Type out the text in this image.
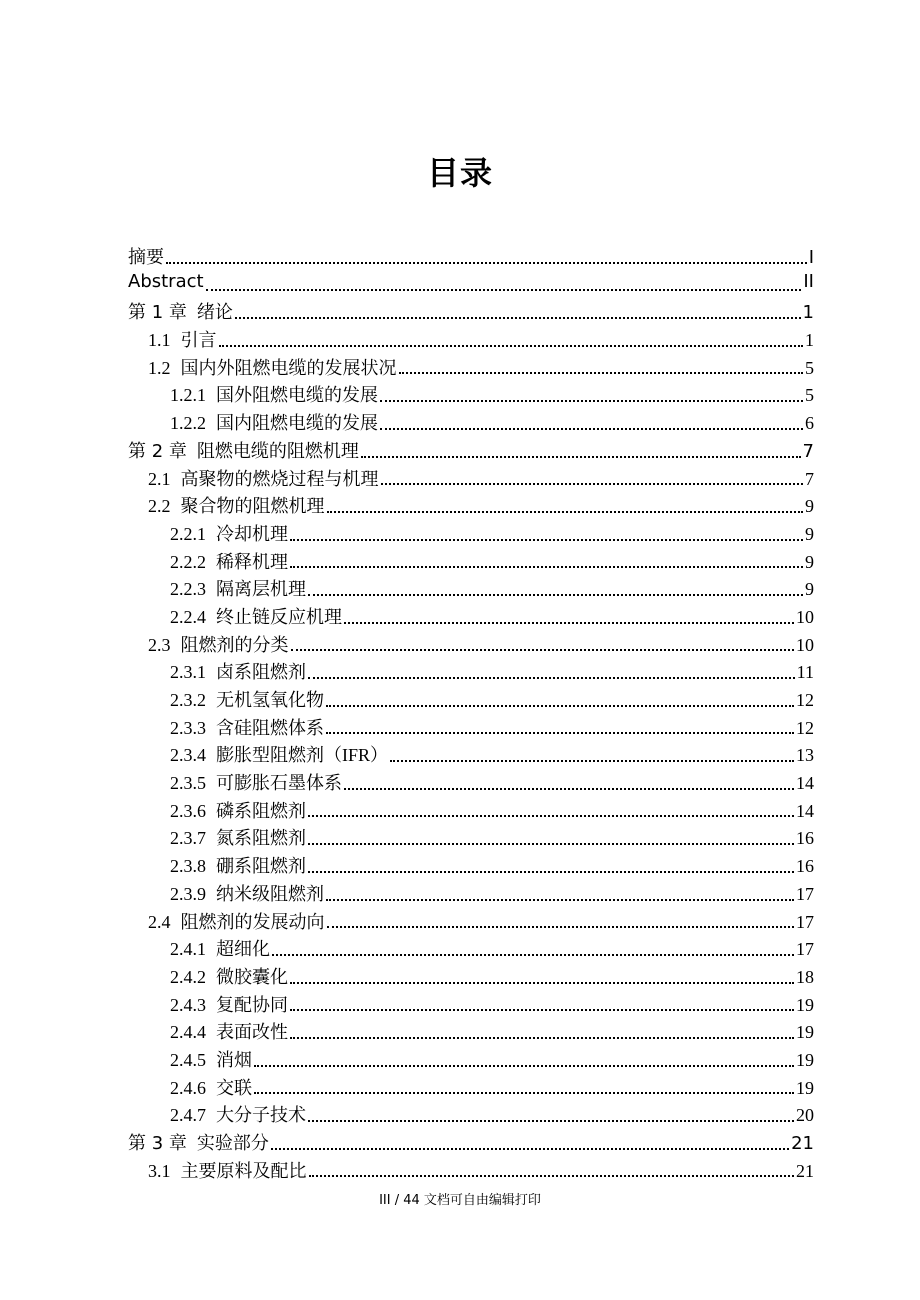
目录
摘要	I
Abstract	II
第 1 章 绪论	1
1.1 引言	1
1.2 国内外阻燃电缆的发展状况	5
1.2.1 国外阻燃电缆的发展	5
1.2.2 国内阻燃电缆的发展	6
第 2 章 阻燃电缆的阻燃机理	7
2.1 高聚物的燃烧过程与机理	7
2.2 聚合物的阻燃机理	9
2.2.1 冷却机理	9
2.2.2 稀释机理	9
2.2.3 隔离层机理	9
2.2.4 终止链反应机理	10
2.3 阻燃剂的分类	10
2.3.1 卤系阻燃剂	11
2.3.2 无机氢氧化物	12
2.3.3 含硅阻燃体系	12
2.3.4 膨胀型阻燃剂（IFR）	13
2.3.5 可膨胀石墨体系	14
2.3.6 磷系阻燃剂	14
2.3.7 氮系阻燃剂	16
2.3.8 硼系阻燃剂	16
2.3.9 纳米级阻燃剂	17
2.4 阻燃剂的发展动向	17
2.4.1 超细化	17
2.4.2 微胶囊化	18
2.4.3 复配协同	19
2.4.4 表面改性	19
2.4.5 消烟	19
2.4.6 交联	19
2.4.7 大分子技术	20
第 3 章 实验部分	21
3.1 主要原料及配比	21
III / 44 文档可自由编辑打印
